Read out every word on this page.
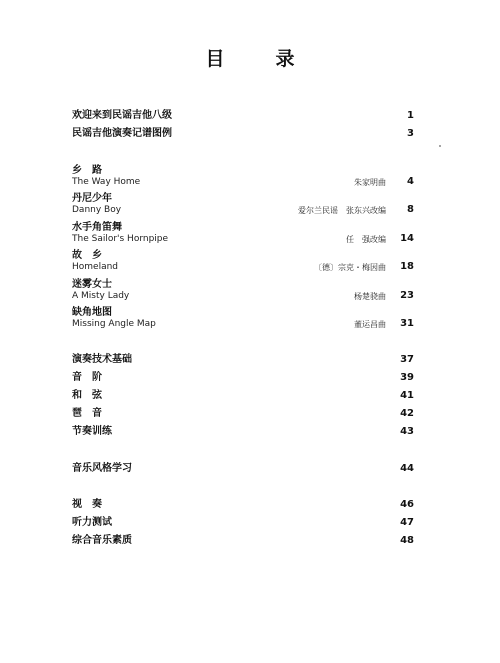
目　录
欢迎来到民谣吉他八级	1
民谣吉他演奏记谱图例	3
乡　路
The Way Home	朱家明曲 4
丹尼少年
Danny Boy	爱尔兰民谣　张东兴改编 8
水手角笛舞
The Sailor's Hornpipe	任　强改编 14
故　乡
Homeland	〔德〕宗克・梅因曲 18
迷雾女士
A Misty Lady	杨楚骁曲 23
缺角地图
Missing Angle Map	董运昌曲 31
演奏技术基础	37
音　阶	39
和　弦	41
琶　音	42
节奏训练	43
音乐风格学习	44
视　奏	46
听力测试	47
综合音乐素质	48
